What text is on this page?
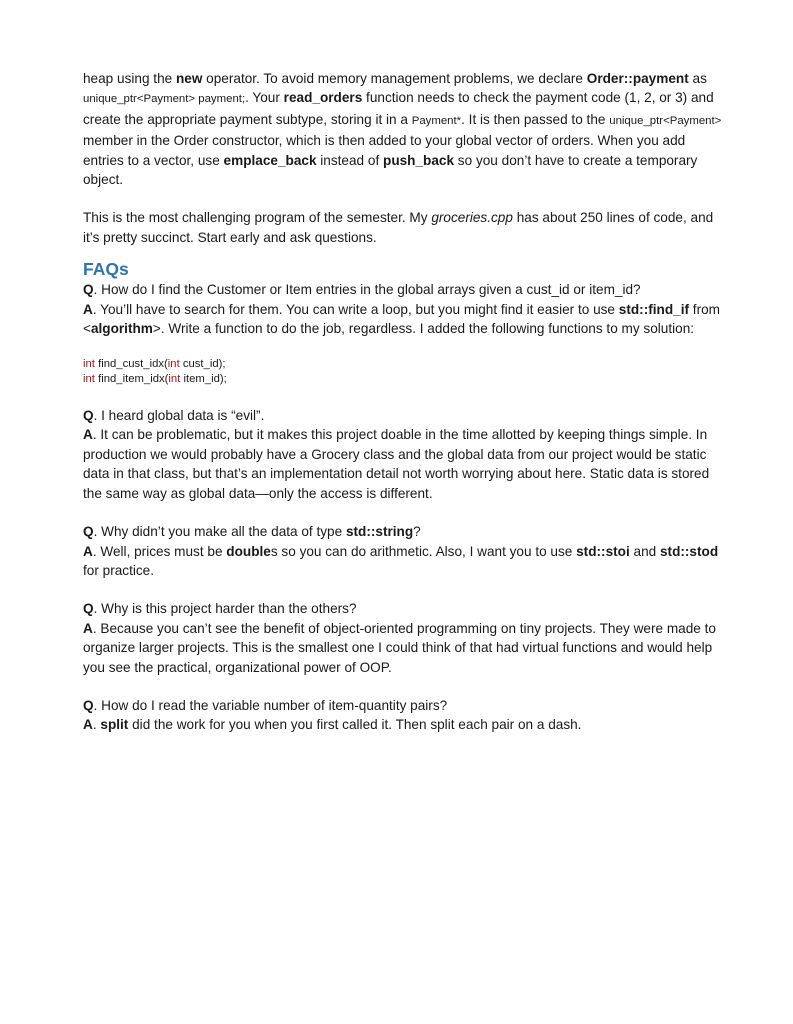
heap using the new operator. To avoid memory management problems, we declare Order::payment as unique_ptr<Payment> payment;. Your read_orders function needs to check the payment code (1, 2, or 3) and create the appropriate payment subtype, storing it in a Payment*. It is then passed to the unique_ptr<Payment> member in the Order constructor, which is then added to your global vector of orders. When you add entries to a vector, use emplace_back instead of push_back so you don’t have to create a temporary object.

This is the most challenging program of the semester. My groceries.cpp has about 250 lines of code, and it’s pretty succinct. Start early and ask questions.

FAQs

Q. How do I find the Customer or Item entries in the global arrays given a cust_id or item_id?

A. You’ll have to search for them. You can write a loop, but you might find it easier to use std::find_if from <algorithm>. Write a function to do the job, regardless. I added the following functions to my solution:

int find_cust_idx(int cust_id);

int find_item_idx(int item_id);

Q. I heard global data is “evil”.

A. It can be problematic, but it makes this project doable in the time allotted by keeping things simple. In production we would probably have a Grocery class and the global data from our project would be static data in that class, but that’s an implementation detail not worth worrying about here. Static data is stored the same way as global data—only the access is different.

Q. Why didn’t you make all the data of type std::string?

A. Well, prices must be doubles so you can do arithmetic. Also, I want you to use std::stoi and std::stod for practice.

Q. Why is this project harder than the others?

A. Because you can’t see the benefit of object-oriented programming on tiny projects. They were made to organize larger projects. This is the smallest one I could think of that had virtual functions and would help you see the practical, organizational power of OOP.

Q. How do I read the variable number of item-quantity pairs?

A. split did the work for you when you first called it. Then split each pair on a dash.
